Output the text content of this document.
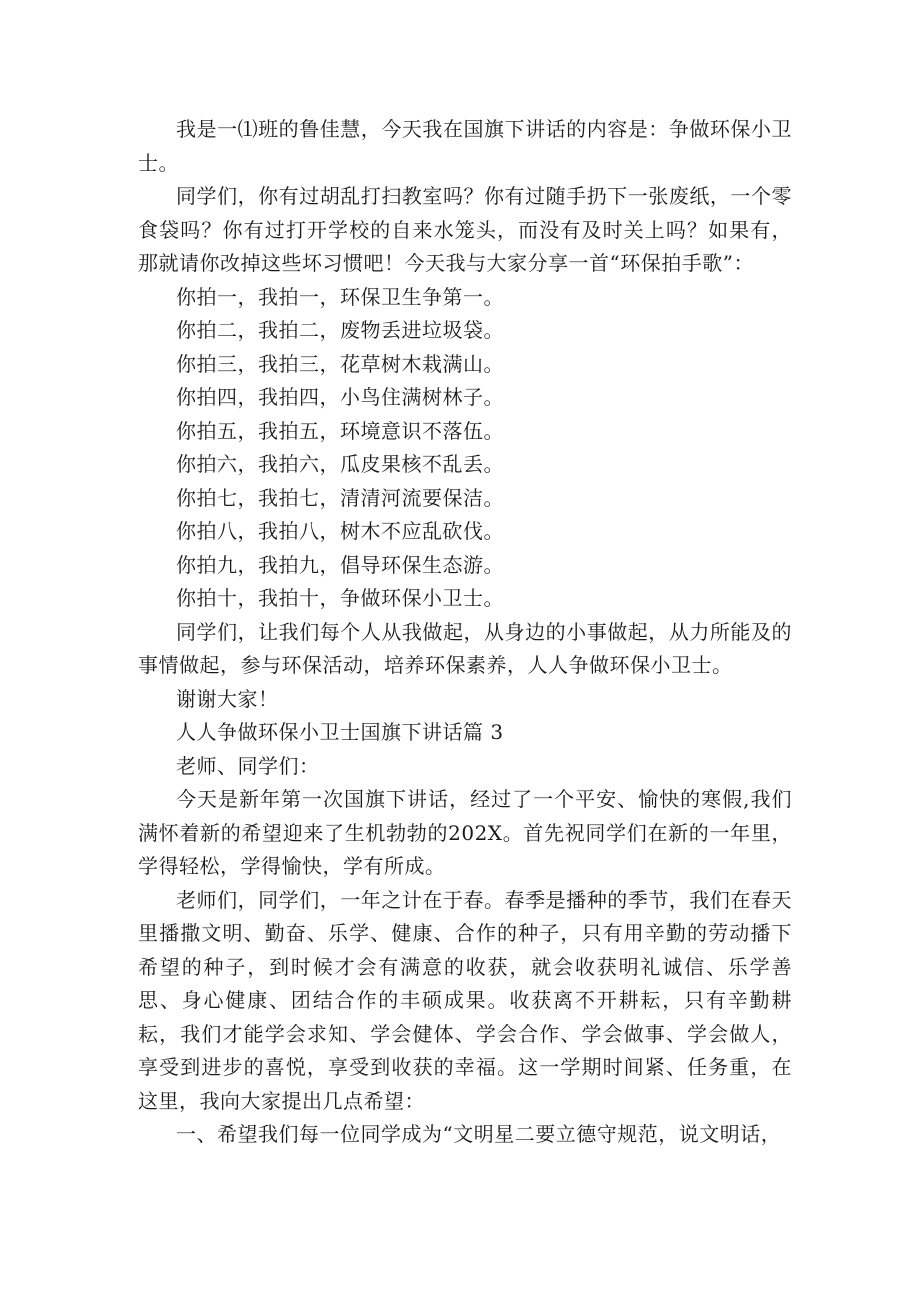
我是一⑴班的鲁佳慧，今天我在国旗下讲话的内容是：争做环保小卫士。

同学们，你有过胡乱打扫教室吗？你有过随手扔下一张废纸，一个零食袋吗？你有过打开学校的自来水笼头，而没有及时关上吗？如果有，那就请你改掉这些坏习惯吧！今天我与大家分享一首“环保拍手歌”：

你拍一，我拍一，环保卫生争第一。

你拍二，我拍二，废物丢进垃圾袋。

你拍三，我拍三，花草树木栽满山。

你拍四，我拍四，小鸟住满树林子。

你拍五，我拍五，环境意识不落伍。

你拍六，我拍六，瓜皮果核不乱丢。

你拍七，我拍七，清清河流要保洁。

你拍八，我拍八，树木不应乱砍伐。

你拍九，我拍九，倡导环保生态游。

你拍十，我拍十，争做环保小卫士。

同学们，让我们每个人从我做起，从身边的小事做起，从力所能及的事情做起，参与环保活动，培养环保素养，人人争做环保小卫士。

谢谢大家！

人人争做环保小卫士国旗下讲话篇 3

老师、同学们：

今天是新年第一次国旗下讲话，经过了一个平安、愉快的寒假,我们满怀着新的希望迎来了生机勃勃的202X。首先祝同学们在新的一年里，学得轻松，学得愉快，学有所成。

老师们，同学们，一年之计在于春。春季是播种的季节，我们在春天里播撒文明、勤奋、乐学、健康、合作的种子，只有用辛勤的劳动播下希望的种子，到时候才会有满意的收获，就会收获明礼诚信、乐学善思、身心健康、团结合作的丰硕成果。收获离不开耕耘，只有辛勤耕耘，我们才能学会求知、学会健体、学会合作、学会做事、学会做人，享受到进步的喜悦，享受到收获的幸福。这一学期时间紧、任务重，在这里，我向大家提出几点希望：

一、希望我们每一位同学成为“文明星二要立德守规范，说文明话，
